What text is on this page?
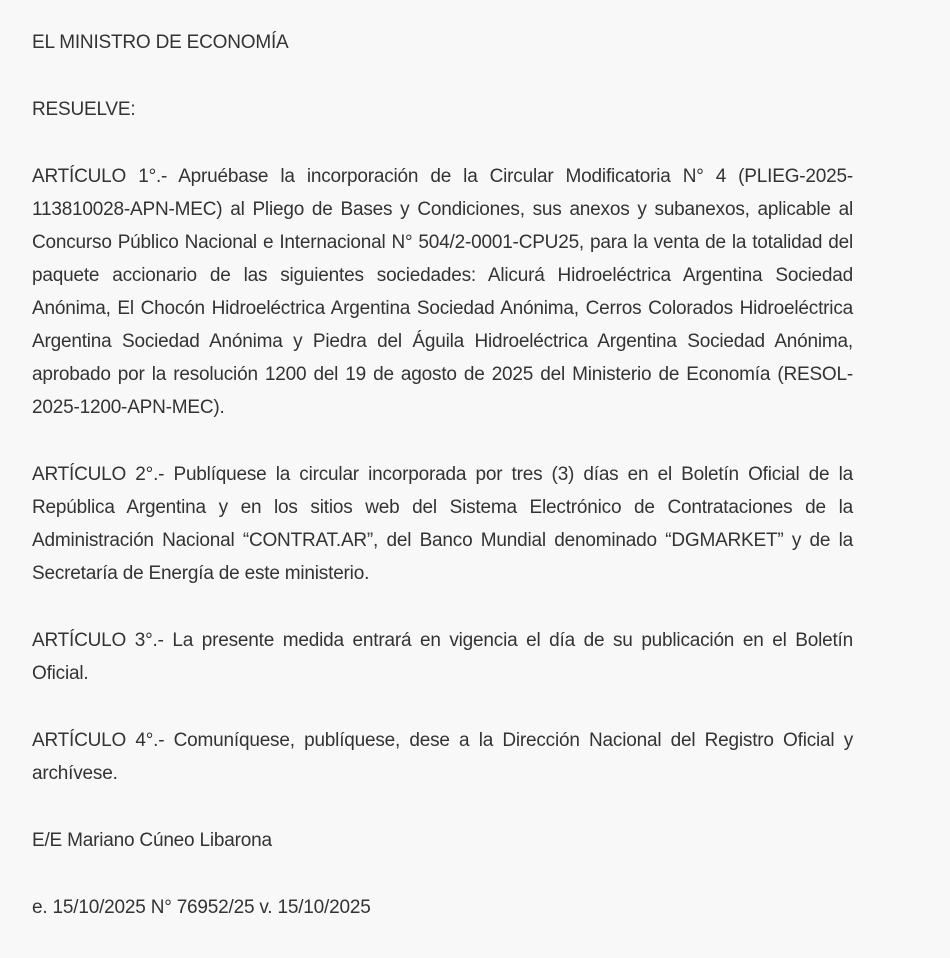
EL MINISTRO DE ECONOMÍA

RESUELVE:

ARTÍCULO 1°.- Apruébase la incorporación de la Circular Modificatoria N° 4 (PLIEG-2025-113810028-APN-MEC) al Pliego de Bases y Condiciones, sus anexos y subanexos, aplicable al Concurso Público Nacional e Internacional N° 504/2-0001-CPU25, para la venta de la totalidad del paquete accionario de las siguientes sociedades: Alicurá Hidroeléctrica Argentina Sociedad Anónima, El Chocón Hidroeléctrica Argentina Sociedad Anónima, Cerros Colorados Hidroeléctrica Argentina Sociedad Anónima y Piedra del Águila Hidroeléctrica Argentina Sociedad Anónima, aprobado por la resolución 1200 del 19 de agosto de 2025 del Ministerio de Economía (RESOL-2025-1200-APN-MEC).

ARTÍCULO 2°.- Publíquese la circular incorporada por tres (3) días en el Boletín Oficial de la República Argentina y en los sitios web del Sistema Electrónico de Contrataciones de la Administración Nacional “CONTRAT.AR”, del Banco Mundial denominado “DGMARKET” y de la Secretaría de Energía de este ministerio.

ARTÍCULO 3°.- La presente medida entrará en vigencia el día de su publicación en el Boletín Oficial.

ARTÍCULO 4°.- Comuníquese, publíquese, dese a la Dirección Nacional del Registro Oficial y archívese.

E/E Mariano Cúneo Libarona

e. 15/10/2025 N° 76952/25 v. 15/10/2025
